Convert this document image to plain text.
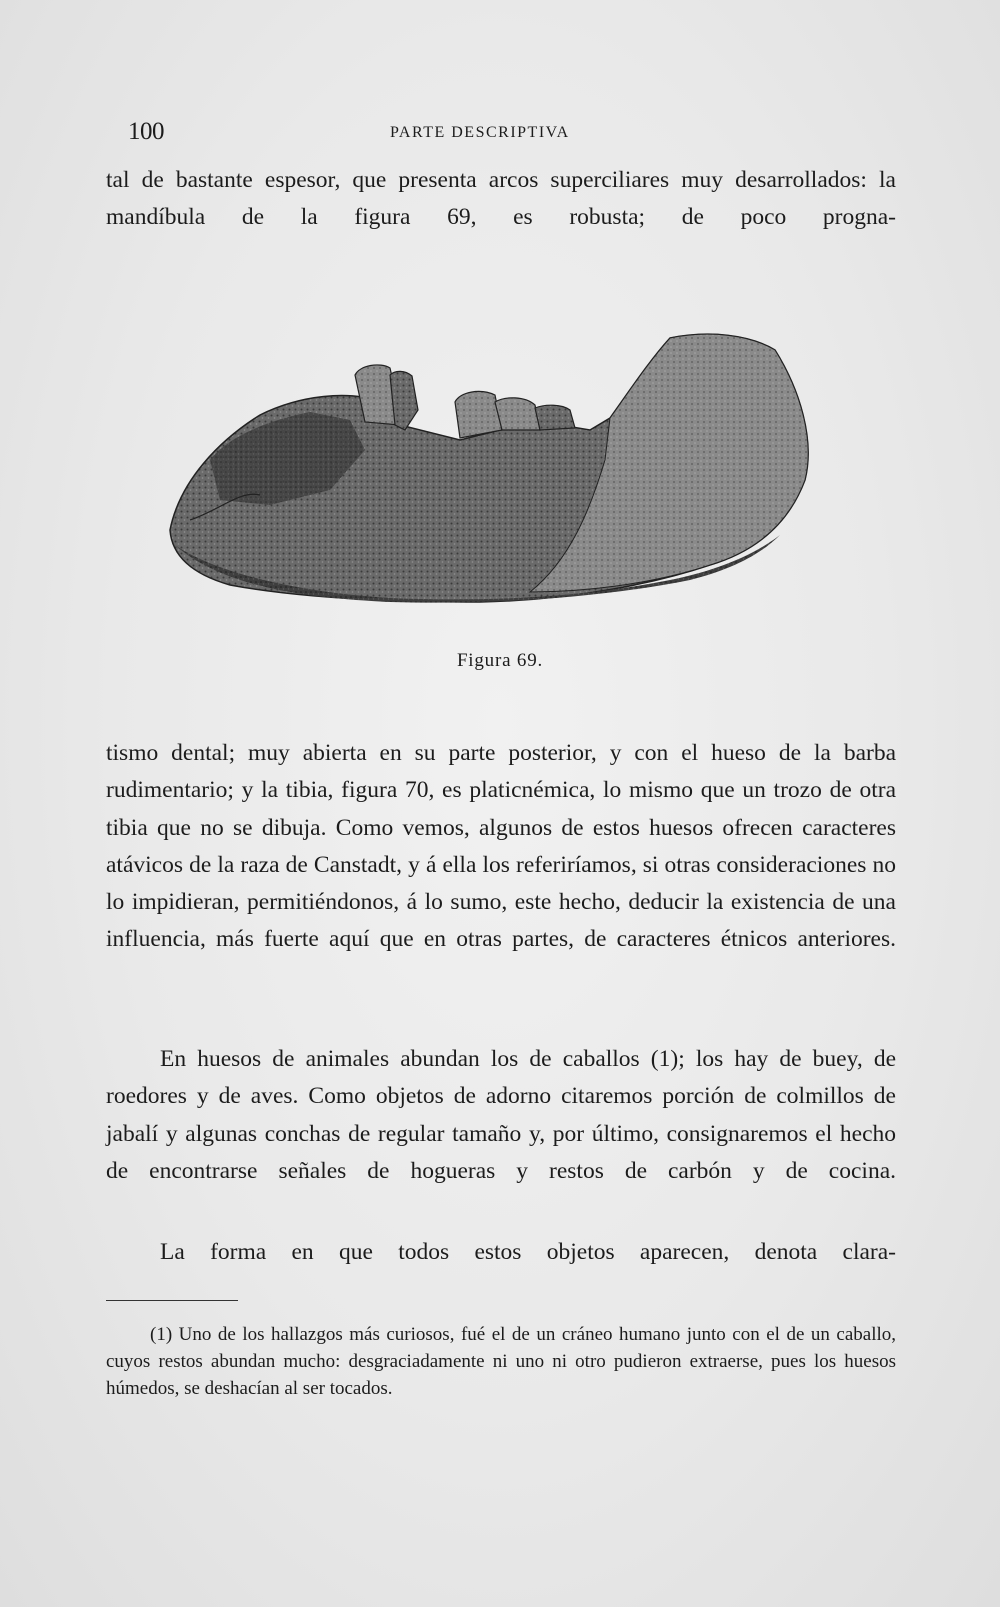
100	PARTE DESCRIPTIVA

tal de bastante espesor, que presenta arcos superciliares muy desarrollados: la mandíbula de la figura 69, es robusta; de poco progna-

Figura 69.

tismo dental; muy abierta en su parte posterior, y con el hueso de la barba rudimentario; y la tibia, figura 70, es platicnémica, lo mismo que un trozo de otra tibia que no se dibuja. Como vemos, algunos de estos huesos ofrecen caracteres atávicos de la raza de Canstadt, y á ella los referiríamos, si otras consideraciones no lo impidieran, permitiéndonos, á lo sumo, este hecho, deducir la existencia de una influencia, más fuerte aquí que en otras partes, de caracteres étnicos anteriores.

En huesos de animales abundan los de caballos (1); los hay de buey, de roedores y de aves. Como objetos de adorno citaremos porción de colmillos de jabalí y algunas conchas de regular tamaño y, por último, consignaremos el hecho de encontrarse señales de hogueras y restos de carbón y de cocina.

La forma en que todos estos objetos aparecen, denota clara-

(1) Uno de los hallazgos más curiosos, fué el de un cráneo humano junto con el de un caballo, cuyos restos abundan mucho: desgraciadamente ni uno ni otro pudieron extraerse, pues los huesos húmedos, se deshacían al ser tocados.
